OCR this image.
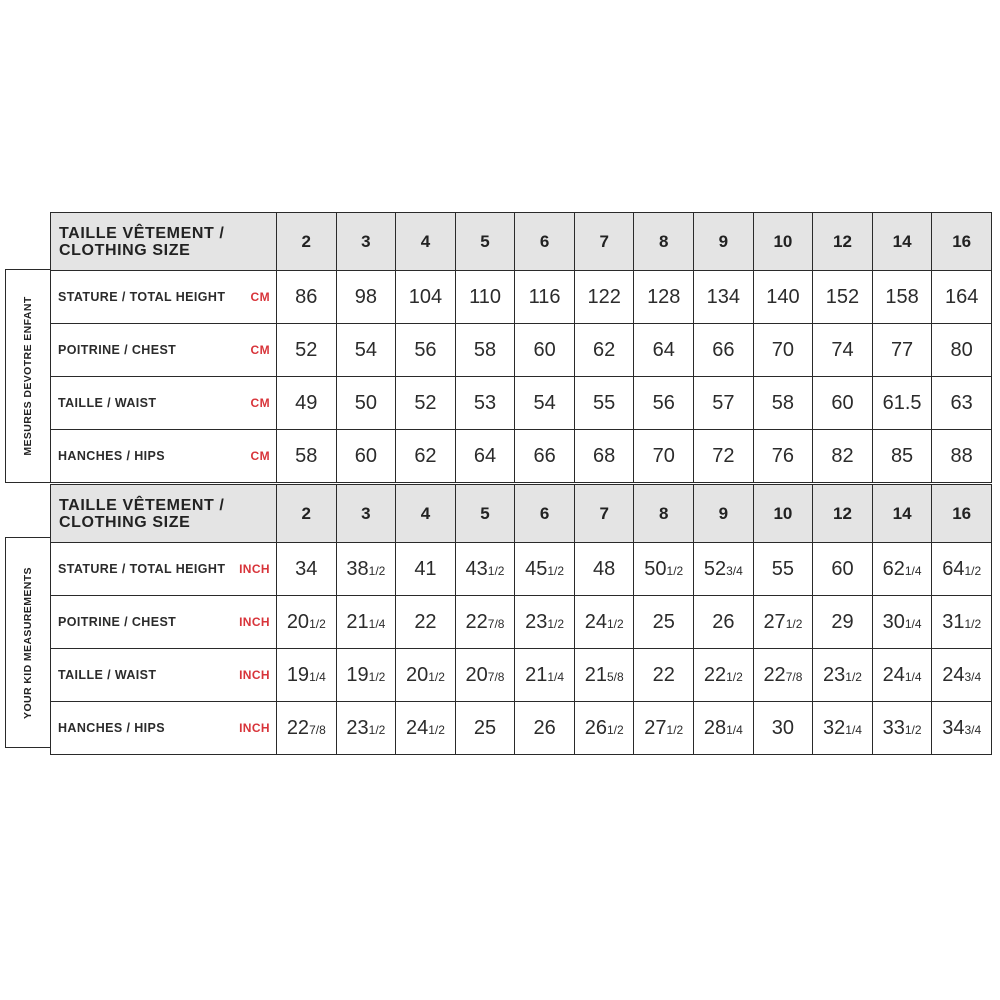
MESURES DEVOTRE ENFANT
TAILLE VÊTEMENT /
CLOTHING SIZE	2	3	4	5	6	7	8	9	10	12	14	16

STATURE / TOTAL HEIGHT CM	86	98	104	110	116	122	128	134	140	152	158	164

POITRINE / CHEST CM	52	54	56	58	60	62	64	66	70	74	77	80

TAILLE / WAIST CM	49	50	52	53	54	55	56	57	58	60	61.5	63

HANCHES / HIPS CM	58	60	62	64	66	68	70	72	76	82	85	88
YOUR KID MEASUREMENTS
TAILLE VÊTEMENT /
CLOTHING SIZE	2	3	4	5	6	7	8	9	10	12	14	16

STATURE / TOTAL HEIGHT INCH	34	381/2	41	431/2	451/2	48	501/2	523/4	55	60	621/4	641/2

POITRINE / CHEST INCH	201/2	211/4	22	227/8	231/2	241/2	25	26	271/2	29	301/4	311/2

TAILLE / WAIST INCH	191/4	191/2	201/2	207/8	211/4	215/8	22	221/2	227/8	231/2	241/4	243/4

HANCHES / HIPS INCH	227/8	231/2	241/2	25	26	261/2	271/2	281/4	30	321/4	331/2	343/4
